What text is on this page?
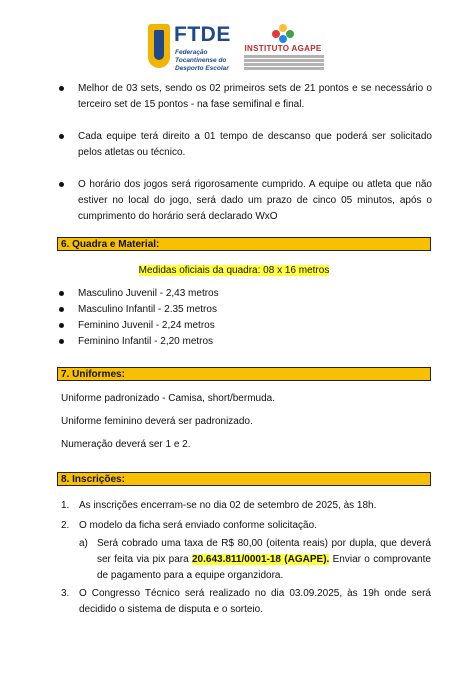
FTDE
Federação Tocantinense do Desporto Escolar
INSTITUTO AGAPE

Melhor de 03 sets, sendo os 02 primeiros sets de 21 pontos e se necessário o terceiro set de 15 pontos - na fase semifinal e final.

Cada equipe terá direito a 01 tempo de descanso que poderá ser solicitado pelos atletas ou técnico.

O horário dos jogos será rigorosamente cumprido. A equipe ou atleta que não estiver no local do jogo, será dado um prazo de cinco 05 minutos, após o cumprimento do horário será declarado WxO

6. Quadra e Material:
Medidas oficiais da quadra: 08 x 16 metros

Masculino Juvenil - 2,43 metros

Masculino Infantil - 2.35 metros

Feminino Juvenil - 2,24 metros

Feminino Infantil - 2,20 metros

7. Uniformes:
Uniforme padronizado - Camisa, short/bermuda.
Uniforme feminino deverá ser padronizado.
Numeração deverá ser 1 e 2.
8. Inscrições:
1. As inscrições encerram-se no dia 02 de setembro de 2025, às 18h.
2. O modelo da ficha será enviado conforme solicitação.
a) Será cobrado uma taxa de R$ 80,00 (oitenta reais) por dupla, que deverá ser feita via pix para 20.643.811/0001-18 (AGAPE). Enviar o comprovante de pagamento para a equipe organzidora.
3. O Congresso Técnico será realizado no dia 03.09.2025, às 19h onde será decidido o sistema de disputa e o sorteio.
